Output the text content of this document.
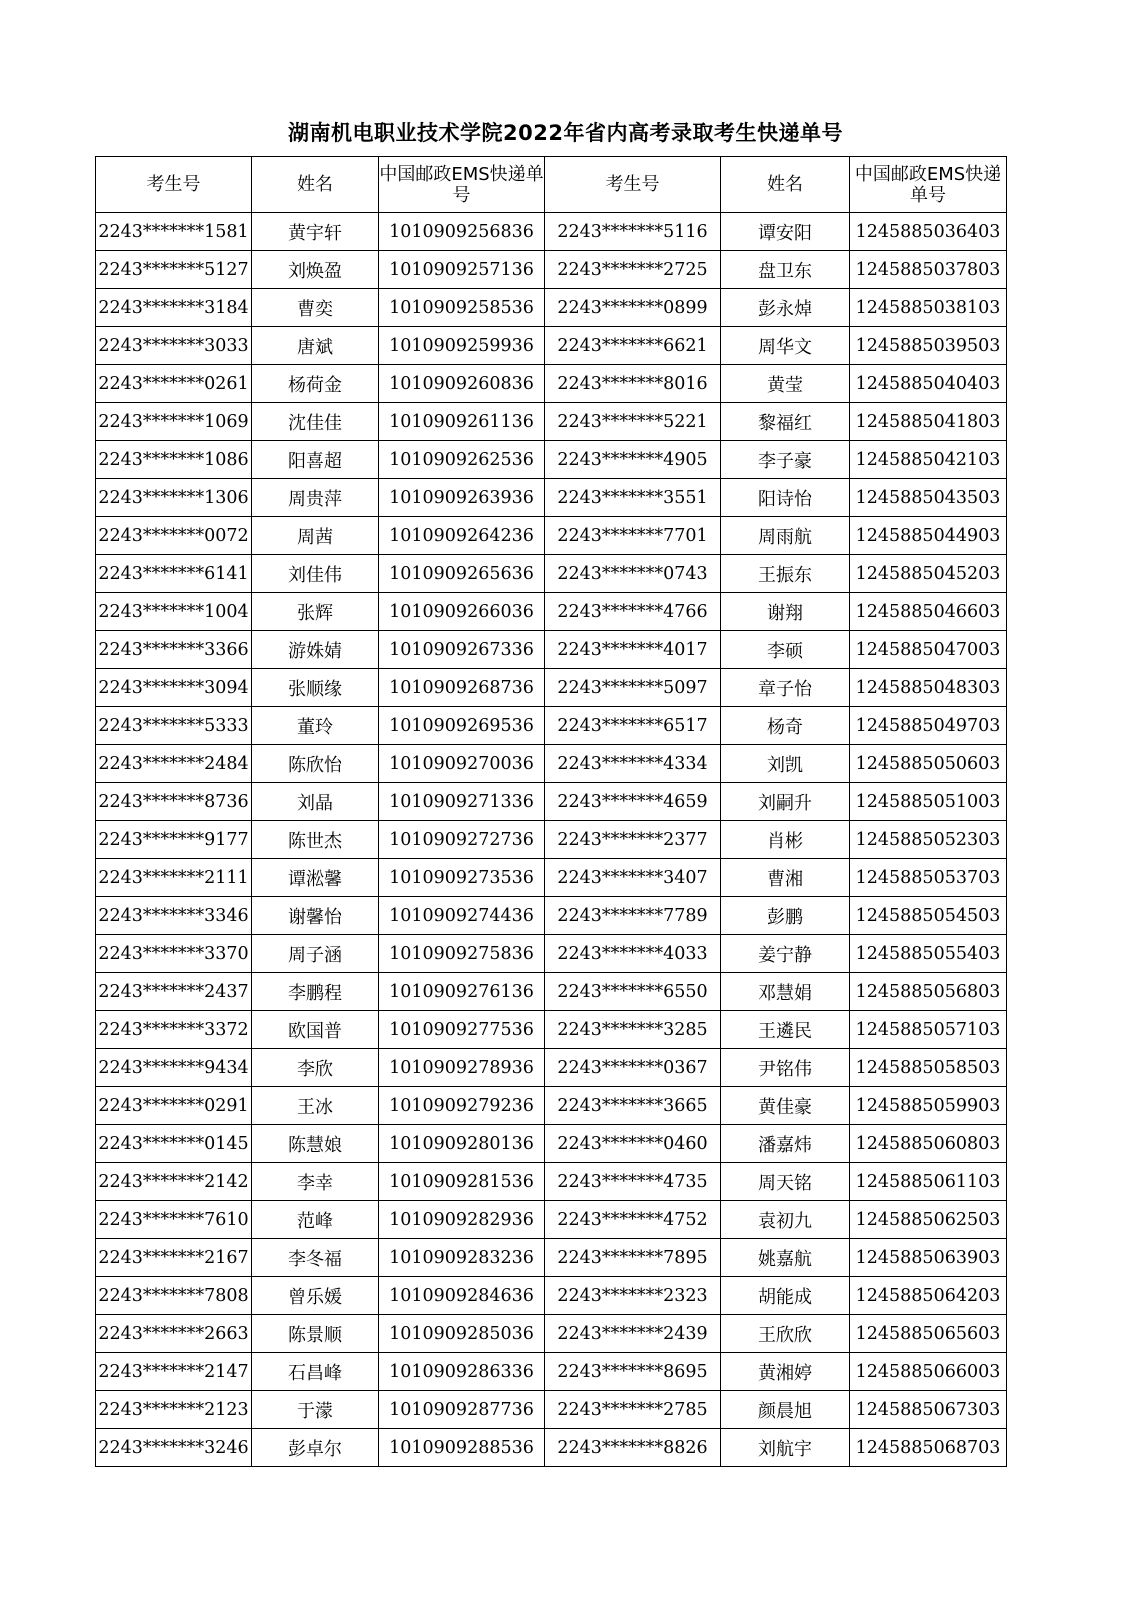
湖南机电职业技术学院2022年省内高考录取考生快递单号
考生号	姓名	中国邮政EMS快递单号	考生号	姓名	中国邮政EMS快递单号
2243*******1581	黄宇轩	1010909256836	2243*******5116	谭安阳	1245885036403
2243*******5127	刘焕盈	1010909257136	2243*******2725	盘卫东	1245885037803
2243*******3184	曹奕	1010909258536	2243*******0899	彭永焯	1245885038103
2243*******3033	唐斌	1010909259936	2243*******6621	周华文	1245885039503
2243*******0261	杨荷金	1010909260836	2243*******8016	黄莹	1245885040403
2243*******1069	沈佳佳	1010909261136	2243*******5221	黎福红	1245885041803
2243*******1086	阳喜超	1010909262536	2243*******4905	李子豪	1245885042103
2243*******1306	周贵萍	1010909263936	2243*******3551	阳诗怡	1245885043503
2243*******0072	周茜	1010909264236	2243*******7701	周雨航	1245885044903
2243*******6141	刘佳伟	1010909265636	2243*******0743	王振东	1245885045203
2243*******1004	张辉	1010909266036	2243*******4766	谢翔	1245885046603
2243*******3366	游姝婧	1010909267336	2243*******4017	李硕	1245885047003
2243*******3094	张顺缘	1010909268736	2243*******5097	章子怡	1245885048303
2243*******5333	董玲	1010909269536	2243*******6517	杨奇	1245885049703
2243*******2484	陈欣怡	1010909270036	2243*******4334	刘凯	1245885050603
2243*******8736	刘晶	1010909271336	2243*******4659	刘嗣升	1245885051003
2243*******9177	陈世杰	1010909272736	2243*******2377	肖彬	1245885052303
2243*******2111	谭淞馨	1010909273536	2243*******3407	曹湘	1245885053703
2243*******3346	谢馨怡	1010909274436	2243*******7789	彭鹏	1245885054503
2243*******3370	周子涵	1010909275836	2243*******4033	姜宁静	1245885055403
2243*******2437	李鹏程	1010909276136	2243*******6550	邓慧娟	1245885056803
2243*******3372	欧国普	1010909277536	2243*******3285	王遴民	1245885057103
2243*******9434	李欣	1010909278936	2243*******0367	尹铭伟	1245885058503
2243*******0291	王冰	1010909279236	2243*******3665	黄佳豪	1245885059903
2243*******0145	陈慧娘	1010909280136	2243*******0460	潘嘉炜	1245885060803
2243*******2142	李幸	1010909281536	2243*******4735	周天铭	1245885061103
2243*******7610	范峰	1010909282936	2243*******4752	袁初九	1245885062503
2243*******2167	李冬福	1010909283236	2243*******7895	姚嘉航	1245885063903
2243*******7808	曾乐媛	1010909284636	2243*******2323	胡能成	1245885064203
2243*******2663	陈景顺	1010909285036	2243*******2439	王欣欣	1245885065603
2243*******2147	石昌峰	1010909286336	2243*******8695	黄湘婷	1245885066003
2243*******2123	于濛	1010909287736	2243*******2785	颜晨旭	1245885067303
2243*******3246	彭卓尔	1010909288536	2243*******8826	刘航宇	1245885068703
